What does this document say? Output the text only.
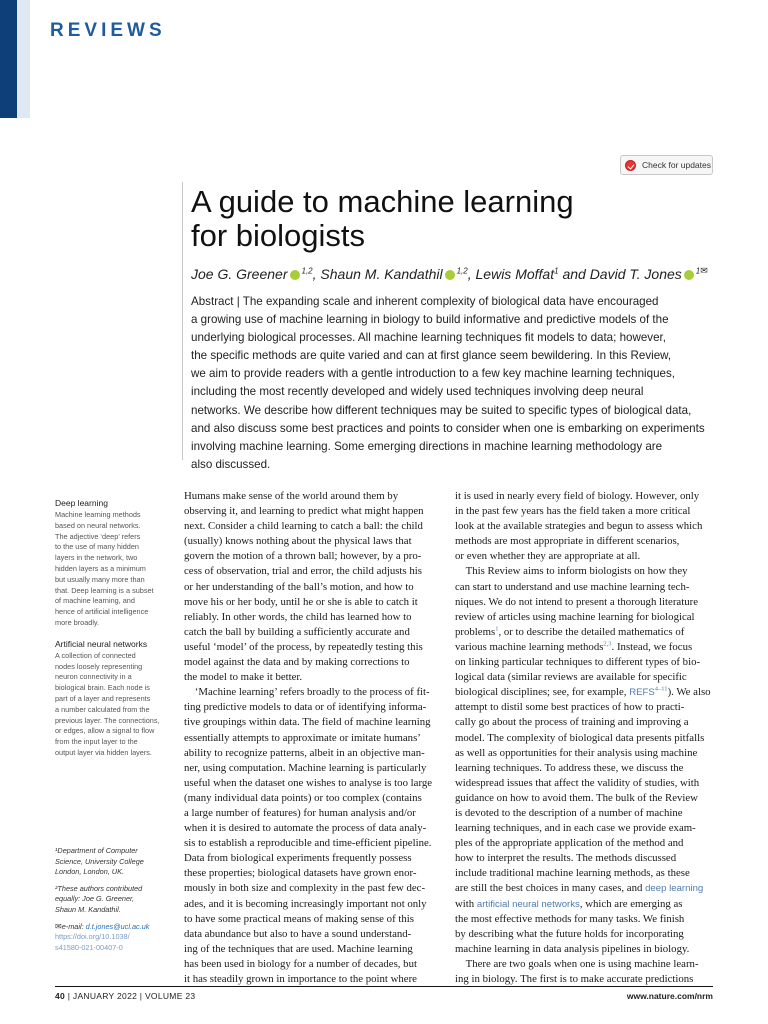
REVIEWS
Check for updates
A guide to machine learning
for biologists
Joe G. Greener $^{1,2}$, Shaun M. Kandathil $^{1,2}$, Lewis Moffat$^1$ and David T. Jones $^{1✉}$
Abstract | The expanding scale and inherent complexity of biological data have encouraged
a growing use of machine learning in biology to build informative and predictive models of the
underlying biological processes. All machine learning techniques fit models to data; however,
the specific methods are quite varied and can at first glance seem bewildering. In this Review,
we aim to provide readers with a gentle introduction to a few key machine learning techniques,
including the most recently developed and widely used techniques involving deep neural
networks. We describe how different techniques may be suited to specific types of biological data,
and also discuss some best practices and points to consider when one is embarking on experiments
involving machine learning. Some emerging directions in machine learning methodology are
also discussed.
Deep learning
Machine learning methods
based on neural networks.
The adjective ‘deep’ refers
to the use of many hidden
layers in the network, two
hidden layers as a minimum
but usually many more than
that. Deep learning is a subset
of machine learning, and
hence of artificial intelligence
more broadly.
Artificial neural networks
A collection of connected
nodes loosely representing
neuron connectivity in a
biological brain. Each node is
part of a layer and represents
a number calculated from the
previous layer. The connections,
or edges, allow a signal to flow
from the input layer to the
output layer via hidden layers.
¹Department of Computer
Science, University College
London, London, UK.
²These authors contributed
equally: Joe G. Greener,
Shaun M. Kandathil.
✉e-mail: d.t.jones@ucl.ac.uk
https://doi.org/10.1038/
s41580-021-00407-0
Humans make sense of the world around them by
observing it, and learning to predict what might happen
next. Consider a child learning to catch a ball: the child
(usually) knows nothing about the physical laws that
govern the motion of a thrown ball; however, by a pro-
cess of observation, trial and error, the child adjusts his
or her understanding of the ball’s motion, and how to
move his or her body, until he or she is able to catch it
reliably. In other words, the child has learned how to
catch the ball by building a sufficiently accurate and
useful ‘model’ of the process, by repeatedly testing this
model against the data and by making corrections to
the model to make it better.
‘Machine learning’ refers broadly to the process of fit-
ting predictive models to data or of identifying informa-
tive groupings within data. The field of machine learning
essentially attempts to approximate or imitate humans’
ability to recognize patterns, albeit in an objective man-
ner, using computation. Machine learning is particularly
useful when the dataset one wishes to analyse is too large
(many individual data points) or too complex (contains
a large number of features) for human analysis and/or
when it is desired to automate the process of data analy-
sis to establish a reproducible and time-efficient pipeline.
Data from biological experiments frequently possess
these properties; biological datasets have grown enor-
mously in both size and complexity in the past few dec-
ades, and it is becoming increasingly important not only
to have some practical means of making sense of this
data abundance but also to have a sound understand-
ing of the techniques that are used. Machine learning
has been used in biology for a number of decades, but
it has steadily grown in importance to the point where
it is used in nearly every field of biology. However, only
in the past few years has the field taken a more critical
look at the available strategies and begun to assess which
methods are most appropriate in different scenarios,
or even whether they are appropriate at all.
This Review aims to inform biologists on how they
can start to understand and use machine learning tech-
niques. We do not intend to present a thorough literature
review of articles using machine learning for biological
problems$^1$, or to describe the detailed mathematics of
various machine learning methods$^{2,3}$. Instead, we focus
on linking particular techniques to different types of bio-
logical data (similar reviews are available for specific
biological disciplines; see, for example, REFS$^{4-11}$). We also
attempt to distil some best practices of how to practi-
cally go about the process of training and improving a
model. The complexity of biological data presents pitfalls
as well as opportunities for their analysis using machine
learning techniques. To address these, we discuss the
widespread issues that affect the validity of studies, with
guidance on how to avoid them. The bulk of the Review
is devoted to the description of a number of machine
learning techniques, and in each case we provide exam-
ples of the appropriate application of the method and
how to interpret the results. The methods discussed
include traditional machine learning methods, as these
are still the best choices in many cases, and deep learning
with artificial neural networks, which are emerging as
the most effective methods for many tasks. We finish
by describing what the future holds for incorporating
machine learning in data analysis pipelines in biology.
There are two goals when one is using machine learn-
ing in biology. The first is to make accurate predictions
40 | JANUARY 2022 | VOLUME 23	www.nature.com/nrm
